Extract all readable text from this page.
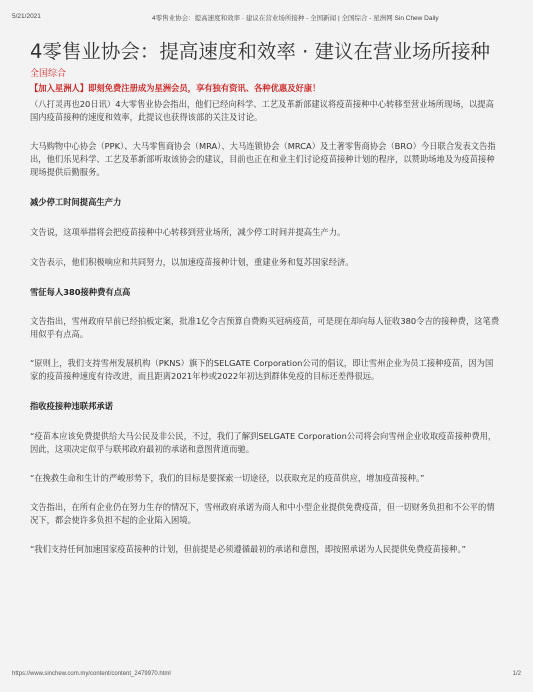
5/21/2021	4零售业协会：提高速度和效率 · 建议在营业场所接种 - 全国新闻 | 全国综合 - 星洲网 Sin Chew Daily
4零售业协会：提高速度和效率 · 建议在营业场所接种
全国综合
【加入星洲人】即刻免费注册成为星洲会员，享有独有资讯、各种优惠及好康！

（八打灵再也20日讯）4大零售业协会指出，他们已经向科学、工艺及革新部建议将疫苗接种中心转移至营业场所现场，以提高国内疫苗接种的速度和效率，此提议也获得该部的关注及讨论。

大马购物中心协会（PPK）、大马零售商协会（MRA）、大马连锁协会（MRCA）及土著零售商协会（BRO）今日联合发表文告指出，他们乐见科学、工艺及革新部听取该协会的建议，目前也正在和业主们讨论疫苗接种计划的程序，以赞助场地及为疫苗接种现场提供后勤服务。

减少停工时间提高生产力

文告说，这项举措将会把疫苗接种中心转移到营业场所，减少停工时间并提高生产力。

文告表示，他们积极响应和共同努力，以加速疫苗接种计划，重建业务和复苏国家经济。

雪征每人380接种费有点高

文告指出，雪州政府早前已经拍板定案，批准1亿令吉预算自费购买冠病疫苗，可是现在却向每人征收380令吉的接种费，这笔费用似乎有点高。

“原则上，我们支持雪州发展机构（PKNS）旗下的SELGATE Corporation公司的倡议，即让雪州企业为员工接种疫苗，因为国家的疫苗接种速度有待改进，而且距离2021年杪或2022年初达到群体免疫的目标还差得很远。

指收疫接种违联邦承诺

“疫苗本应该免费提供给大马公民及非公民，不过，我们了解到SELGATE Corporation公司将会向雪州企业收取疫苗接种费用，因此，这项决定似乎与联邦政府最初的承诺和意图背道而驰。

“在挽救生命和生计的严峻形势下，我们的目标是要探索一切途径，以获取充足的疫苗供应，增加疫苗接种。”

文告指出，在所有企业仍在努力生存的情况下，雪州政府承诺为商人和中小型企业提供免费疫苗，但一切财务负担和不公平的情况下，都会使许多负担不起的企业陷入困境。

“我们支持任何加速国家疫苗接种的计划，但前提是必须遵循最初的承诺和意图，即按照承诺为人民提供免费疫苗接种。”

https://www.sinchew.com.my/content/content_2479970.html	1/2
